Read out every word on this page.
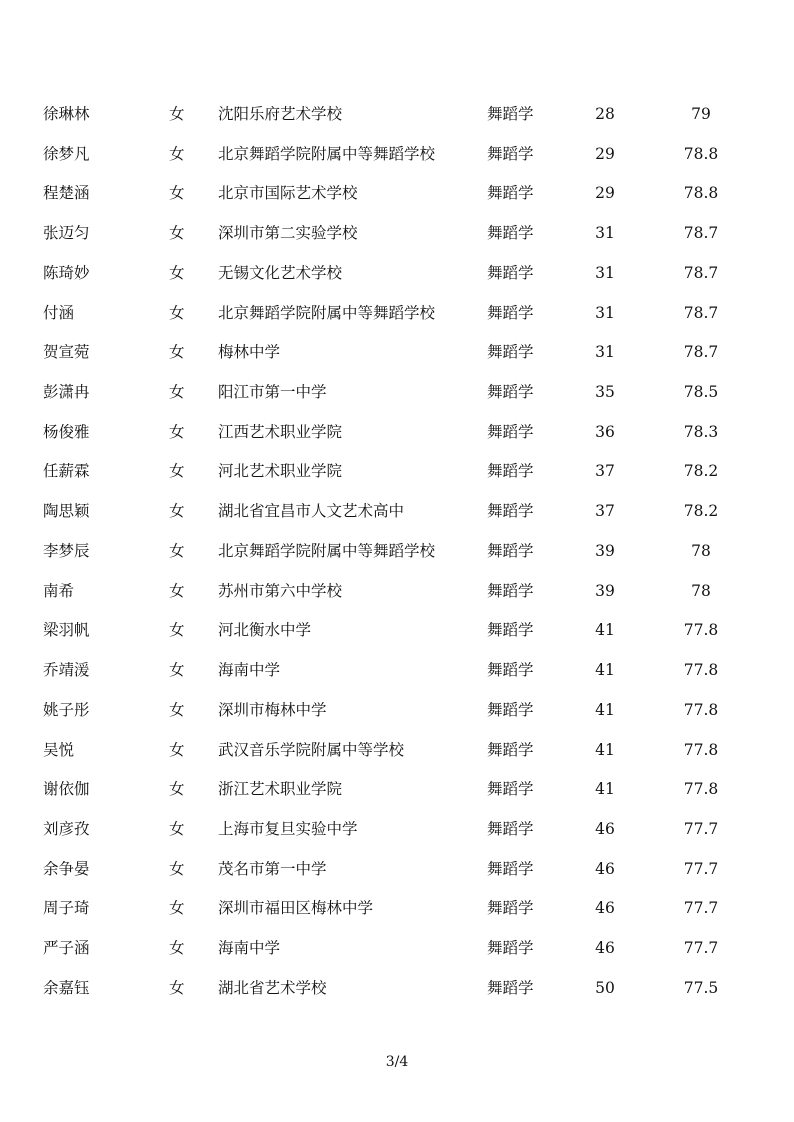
徐琳林	女	沈阳乐府艺术学校	舞蹈学	28	79
徐梦凡	女	北京舞蹈学院附属中等舞蹈学校	舞蹈学	29	78.8
程楚涵	女	北京市国际艺术学校	舞蹈学	29	78.8
张迈匀	女	深圳市第二实验学校	舞蹈学	31	78.7
陈琦妙	女	无锡文化艺术学校	舞蹈学	31	78.7
付涵	女	北京舞蹈学院附属中等舞蹈学校	舞蹈学	31	78.7
贺宣菀	女	梅林中学	舞蹈学	31	78.7
彭潇冉	女	阳江市第一中学	舞蹈学	35	78.5
杨俊雅	女	江西艺术职业学院	舞蹈学	36	78.3
任薪霖	女	河北艺术职业学院	舞蹈学	37	78.2
陶思颖	女	湖北省宜昌市人文艺术高中	舞蹈学	37	78.2
李梦辰	女	北京舞蹈学院附属中等舞蹈学校	舞蹈学	39	78
南希	女	苏州市第六中学校	舞蹈学	39	78
梁羽帆	女	河北衡水中学	舞蹈学	41	77.8
乔靖湲	女	海南中学	舞蹈学	41	77.8
姚子彤	女	深圳市梅林中学	舞蹈学	41	77.8
吴悦	女	武汉音乐学院附属中等学校	舞蹈学	41	77.8
谢依伽	女	浙江艺术职业学院	舞蹈学	41	77.8
刘彦孜	女	上海市复旦实验中学	舞蹈学	46	77.7
余争晏	女	茂名市第一中学	舞蹈学	46	77.7
周子琦	女	深圳市福田区梅林中学	舞蹈学	46	77.7
严子涵	女	海南中学	舞蹈学	46	77.7
余嘉钰	女	湖北省艺术学校	舞蹈学	50	77.5
3/4
